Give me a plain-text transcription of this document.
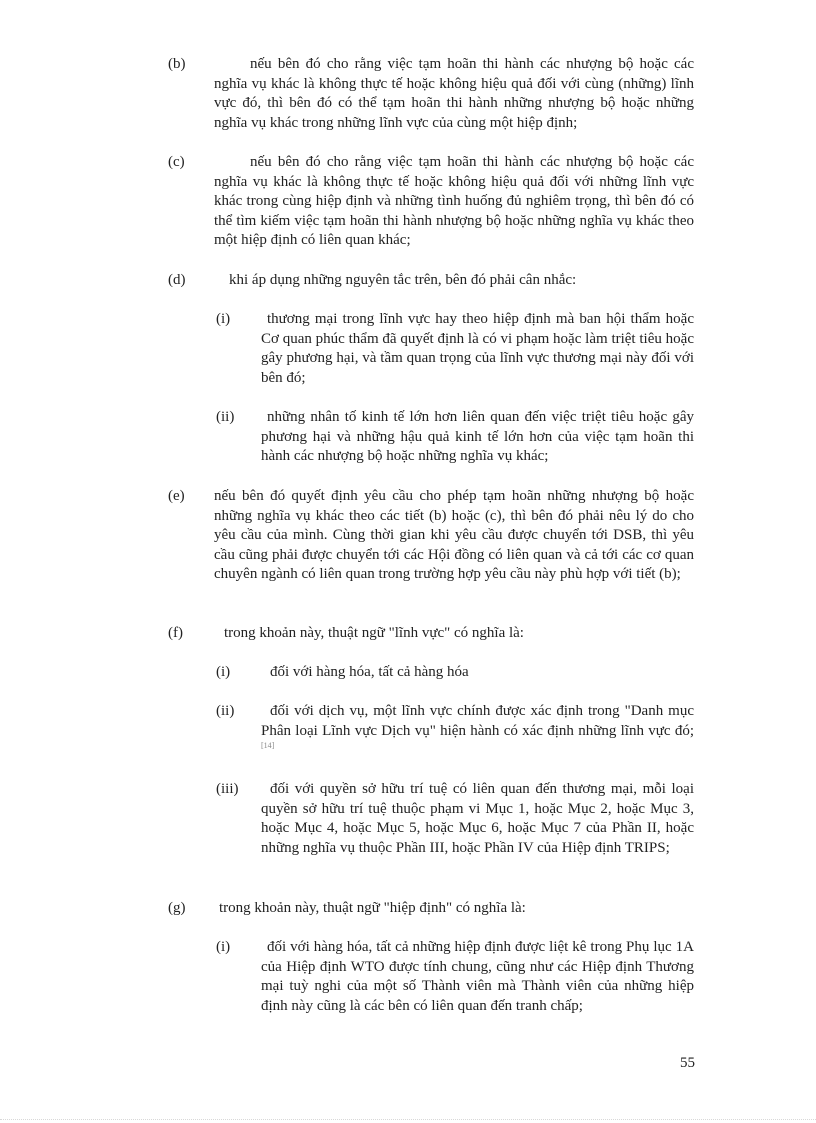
(b)	nếu bên đó cho rằng việc tạm hoãn thi hành các nhượng bộ hoặc các nghĩa vụ khác là không thực tế hoặc không hiệu quả đối với cùng (những) lĩnh vực đó, thì bên đó có thể tạm hoãn thi hành những nhượng bộ hoặc những nghĩa vụ khác trong những lĩnh vực của cùng một hiệp định;
(c)	nếu bên đó cho rằng việc tạm hoãn thi hành các nhượng bộ hoặc các nghĩa vụ khác là không thực tế hoặc không hiệu quả đối với những lĩnh vực khác trong cùng hiệp định và những tình huống đủ nghiêm trọng, thì bên đó có thể tìm kiếm việc tạm hoãn thi hành nhượng bộ hoặc những nghĩa vụ khác theo một hiệp định có liên quan khác;
(d)	khi áp dụng những nguyên tắc trên, bên đó phải cân nhắc:
(i)	thương mại trong lĩnh vực hay theo hiệp định mà ban hội thẩm hoặc Cơ quan phúc thẩm đã quyết định là có vi phạm hoặc làm triệt tiêu hoặc gây phương hại, và tầm quan trọng của lĩnh vực thương mại này đối với bên đó;
(ii)	những nhân tố kinh tế lớn hơn liên quan đến việc triệt tiêu hoặc gây phương hại và những hậu quả kinh tế lớn hơn của việc tạm hoãn thi hành các nhượng bộ hoặc những nghĩa vụ khác;
(e) nếu bên đó quyết định yêu cầu cho phép tạm hoãn những nhượng bộ hoặc những nghĩa vụ khác theo các tiết (b) hoặc (c), thì bên đó phải nêu lý do cho yêu cầu của mình. Cùng thời gian khi yêu cầu được chuyển tới DSB, thì yêu cầu cũng phải được chuyển tới các Hội đồng có liên quan và cả tới các cơ quan chuyên ngành có liên quan trong trường hợp yêu cầu này phù hợp với tiết (b);
(f)	trong khoản này, thuật ngữ "lĩnh vực" có nghĩa là:
(i)	đối với hàng hóa, tất cả hàng hóa
(ii)	đối với dịch vụ, một lĩnh vực chính được xác định trong "Danh mục Phân loại Lĩnh vực Dịch vụ" hiện hành có xác định những lĩnh vực đó;[14]
(iii)	đối với quyền sở hữu trí tuệ có liên quan đến thương mại, mỗi loại quyền sở hữu trí tuệ thuộc phạm vi Mục 1, hoặc Mục 2, hoặc Mục 3, hoặc Mục 4, hoặc Mục 5, hoặc Mục 6, hoặc Mục 7 của Phần II, hoặc những nghĩa vụ thuộc Phần III, hoặc Phần IV của Hiệp định TRIPS;
(g) trong khoản này, thuật ngữ "hiệp định" có nghĩa là:
(i)	đối với hàng hóa, tất cả những hiệp định được liệt kê trong Phụ lục 1A của Hiệp định WTO được tính chung, cũng như các Hiệp định Thương mại tuỳ nghi của một số Thành viên mà Thành viên của những hiệp định này cũng là các bên có liên quan đến tranh chấp;
55
